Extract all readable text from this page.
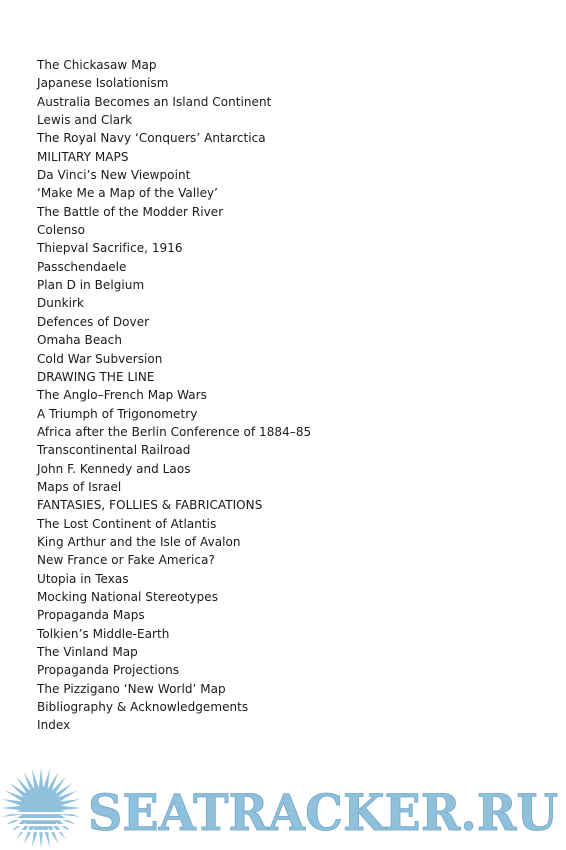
The Chickasaw Map
Japanese Isolationism
Australia Becomes an Island Continent
Lewis and Clark
The Royal Navy ‘Conquers’ Antarctica
MILITARY MAPS
Da Vinci’s New Viewpoint
‘Make Me a Map of the Valley’
The Battle of the Modder River
Colenso
Thiepval Sacrifice, 1916
Passchendaele
Plan D in Belgium
Dunkirk
Defences of Dover
Omaha Beach
Cold War Subversion
DRAWING THE LINE
The Anglo–French Map Wars
A Triumph of Trigonometry
Africa after the Berlin Conference of 1884–85
Transcontinental Railroad
John F. Kennedy and Laos
Maps of Israel
FANTASIES, FOLLIES & FABRICATIONS
The Lost Continent of Atlantis
King Arthur and the Isle of Avalon
New France or Fake America?
Utopia in Texas
Mocking National Stereotypes
Propaganda Maps
Tolkien’s Middle-Earth
The Vinland Map
Propaganda Projections
The Pizzigano ‘New World’ Map
Bibliography & Acknowledgements
Index
SEATRACKER.RU
